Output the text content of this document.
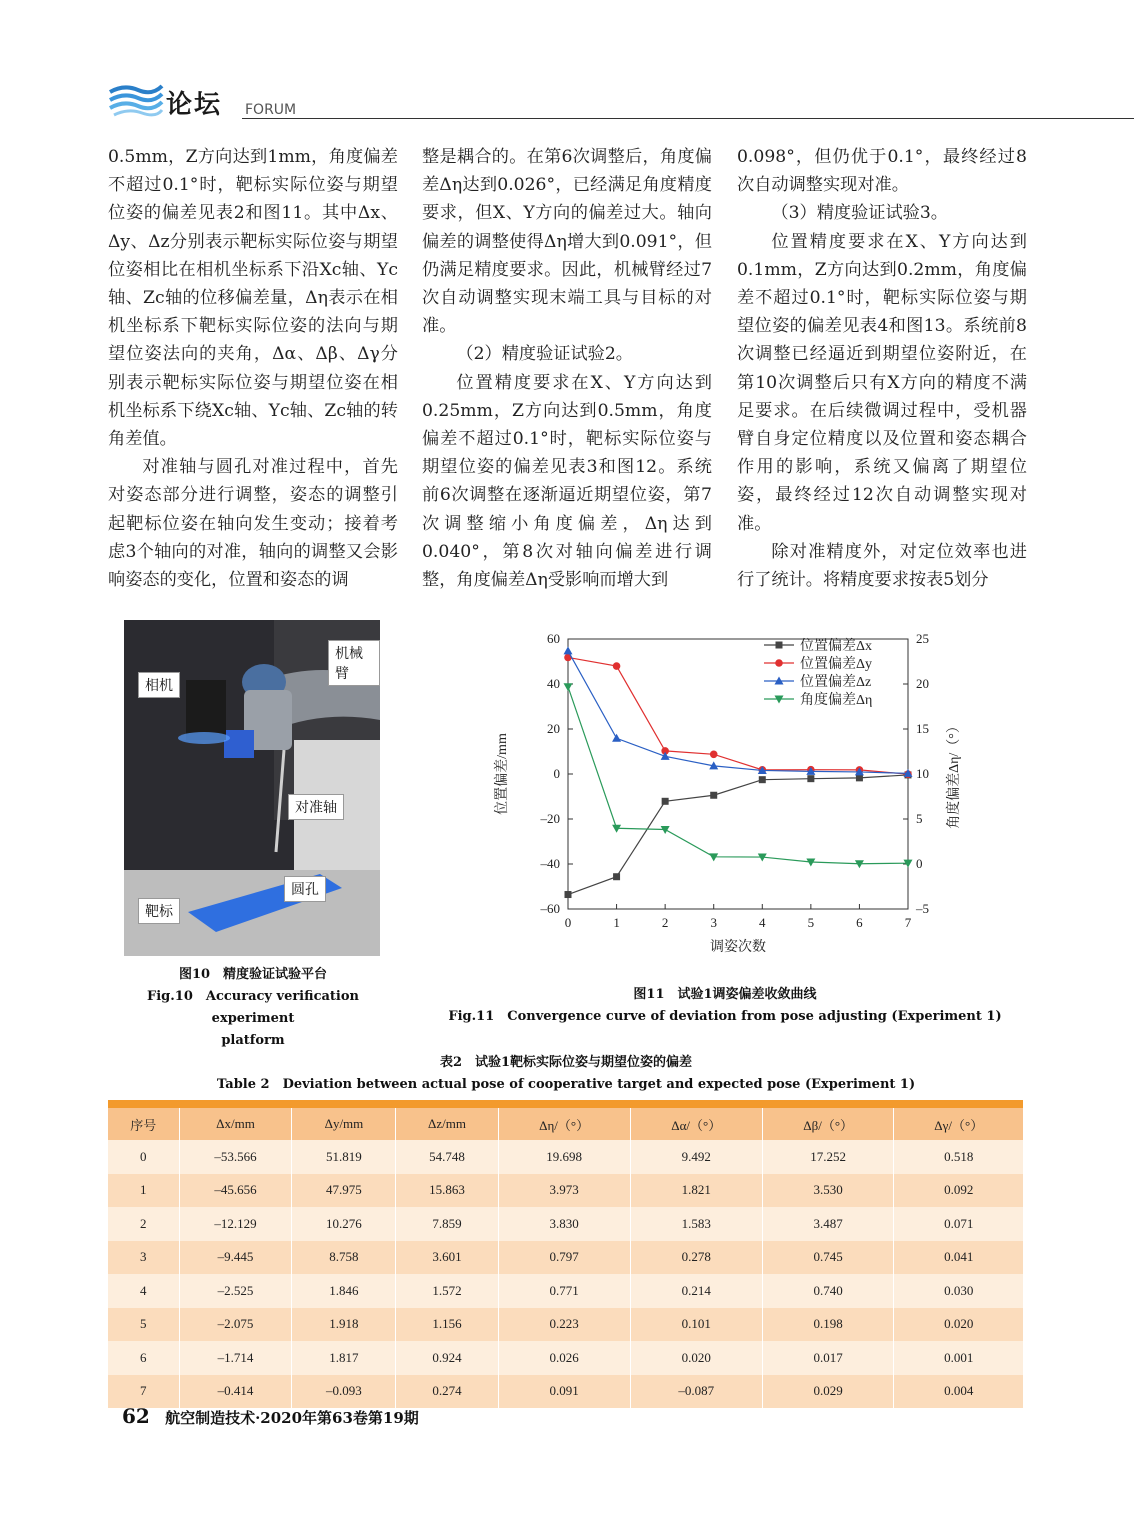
论坛 FORUM

0.5mm，Z方向达到1mm，角度偏差不超过0.1°时，靶标实际位姿与期望位姿的偏差见表2和图11。其中Δx、Δy、Δz分别表示靶标实际位姿与期望位姿相比在相机坐标系下沿Xc轴、Yc轴、Zc轴的位移偏差量，Δη表示在相机坐标系下靶标实际位姿的法向与期望位姿法向的夹角，Δα、Δβ、Δγ分别表示靶标实际位姿与期望位姿在相机坐标系下绕Xc轴、Yc轴、Zc轴的转角差值。

对准轴与圆孔对准过程中，首先对姿态部分进行调整，姿态的调整引起靶标位姿在轴向发生变动；接着考虑3个轴向的对准，轴向的调整又会影响姿态的变化，位置和姿态的调

整是耦合的。在第6次调整后，角度偏差Δη达到0.026°，已经满足角度精度要求，但X、Y方向的偏差过大。轴向偏差的调整使得Δη增大到0.091°，但仍满足精度要求。因此，机械臂经过7次自动调整实现末端工具与目标的对准。

（2）精度验证试验2。

位置精度要求在X、Y方向达到0.25mm，Z方向达到0.5mm，角度偏差不超过0.1°时，靶标实际位姿与期望位姿的偏差见表3和图12。系统前6次调整在逐渐逼近期望位姿，第7次调整缩小角度偏差，Δη达到0.040°，第8次对轴向偏差进行调整，角度偏差Δη受影响而增大到

0.098°，但仍优于0.1°，最终经过8次自动调整实现对准。

（3）精度验证试验3。

位置精度要求在X、Y方向达到0.1mm，Z方向达到0.2mm，角度偏差不超过0.1°时，靶标实际位姿与期望位姿的偏差见表4和图13。系统前8次调整已经逼近到期望位姿附近，在第10次调整后只有X方向的精度不满足要求。在后续微调过程中，受机器臂自身定位精度以及位置和姿态耦合作用的影响，系统又偏离了期望位姿，最终经过12次自动调整实现对准。

除对准精度外，对定位效率也进行了统计。将精度要求按表5划分

相机
机械臂
对准轴
圆孔
靶标
图10　精度验证试验平台
Fig.10　Accuracy verification experiment
platform
–60
–40
–20
0
20
40
60
–5
0
5
10
15
20
25
0	1	2	3	4	5	6	7
调姿次数
位置偏差/mm	角度偏差Δη/（°）
位置偏差Δx
位置偏差Δy
位置偏差Δz
角度偏差Δη
图11　试验1调姿偏差收敛曲线
Fig.11　Convergence curve of deviation from pose adjusting (Experiment 1)
表2　试验1靶标实际位姿与期望位姿的偏差
Table 2　Deviation between actual pose of cooperative target and expected pose (Experiment 1)

序号	Δx/mm	Δy/mm	Δz/mm	Δη/（°）	Δα/（°）	Δβ/（°）	Δγ/（°）
0	–53.566	51.819	54.748	19.698	9.492	17.252	0.518
1	–45.656	47.975	15.863	3.973	1.821	3.530	0.092
2	–12.129	10.276	7.859	3.830	1.583	3.487	0.071
3	–9.445	8.758	3.601	0.797	0.278	0.745	0.041
4	–2.525	1.846	1.572	0.771	0.214	0.740	0.030
5	–2.075	1.918	1.156	0.223	0.101	0.198	0.020
6	–1.714	1.817	0.924	0.026	0.020	0.017	0.001
7	–0.414	–0.093	0.274	0.091	–0.087	0.029	0.004
62 航空制造技术·2020年第63卷第19期
